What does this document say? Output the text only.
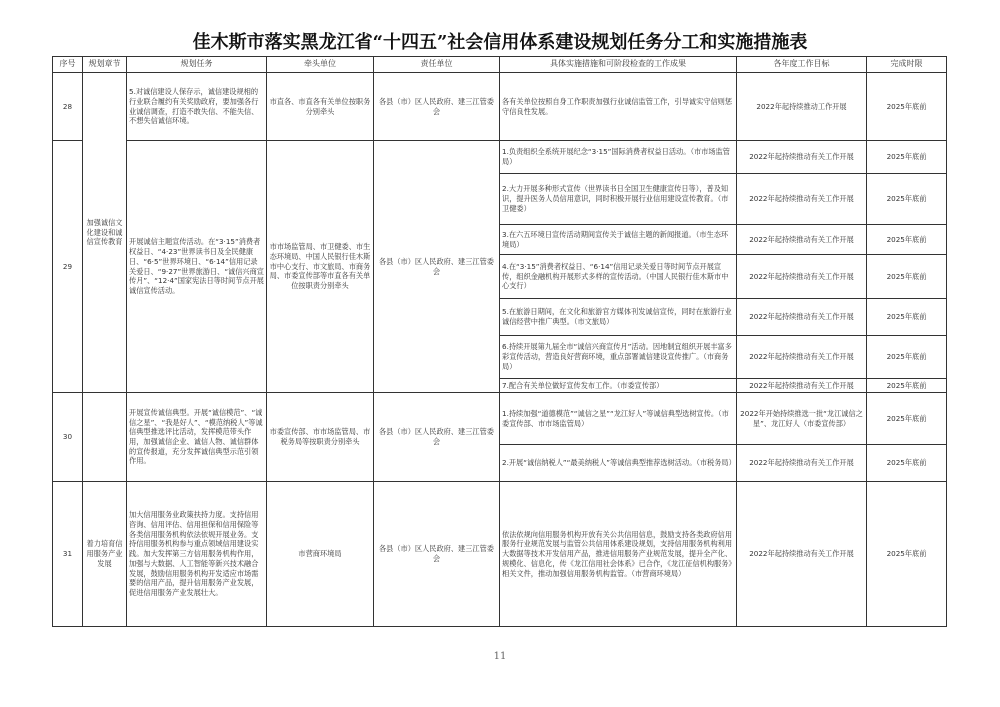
佳木斯市落实黑龙江省“十四五”社会信用体系建设规划任务分工和实施措施表
序号	规划章节	规划任务	牵头单位	责任单位	具体实施措施和可阶段检查的工作成果	各年度工作目标	完成时限
28	加强诚信文化建设和诚信宣传教育	5.对诚信建设人保存示，诚信建设规相的行业联合履约有关奖励政府，要加强各行业诚信调查，打造不敢失信、不能失信、不想失信诚信环境。	市直各、市直各有关单位按职务分别牵头	各县（市）区人民政府、建三江管委会	各有关单位按照自身工作职责加强行业诚信监管工作，引导诚实守信则惩守信良性发展。	2022年起持续推动工作开展	2025年底前
29		开展诚信主题宣传活动。在“3·15”消费者权益日、“4·23”世界读书日及全民健康日、“6·5”世界环境日、“6·14”信用记录关爱日、“9·27”世界旅游日、“诚信兴商宣传月”、“12·4”国家宪法日等时间节点开展诚信宣传活动。	市市场监管局、市卫健委、市生态环境局、中国人民银行佳木斯市中心支行、市文旅局、市商务局、市委宣传部等市直各有关单位按职责分别牵头	各县（市）区人民政府、建三江管委会	1.负责组织全系统开展纪念“3·15”国际消费者权益日活动。（市市场监管局）	2022年起持续推动有关工作开展	2025年底前
					2.大力开展多种形式宣传（世界读书日全国卫生健康宣传日等），普及知识，提升医务人员信用意识，同时积极开展行业信用建设宣传教育。（市卫健委）	2022年起持续推动有关工作开展	2025年底前
					3.在六五环境日宣传活动期间宣传关于诚信主题的新闻报道。（市生态环境局）	2022年起持续推动有关工作开展	2025年底前
					4.在“3·15”消费者权益日、“6·14”信用记录关爱日等时间节点开展宣传，组织金融机构开展形式多样的宣传活动。（中国人民银行佳木斯市中心支行）	2022年起持续推动有关工作开展	2025年底前
					5.在旅游日期间，在文化和旅游官方媒体刊发诚信宣传，同时在旅游行业诚信经营中推广典型。（市文旅局）	2022年起持续推动有关工作开展	2025年底前
					6.持续开展第九届全市“诚信兴商宣传月”活动。因地制宜组织开展丰富多彩宣传活动，营造良好营商环境，重点部署诚信建设宣传推广。（市商务局）	2022年起持续推动有关工作开展	2025年底前
					7.配合有关单位做好宣传发布工作。（市委宣传部）	2022年起持续推动有关工作开展	2025年底前
30		开展宣传诚信典型。开展“诚信模范”、“诚信之星”、“我是好人”、“模范纳税人”等诚信典型推选评比活动，发挥模范带头作用，加强诚信企业、诚信人物、诚信群体的宣传报道，充分发挥诚信典型示范引领作用。	市委宣传部、市市场监管局、市税务局等按职责分别牵头	各县（市）区人民政府、建三江管委会	1.持续加强“道德模范”“诚信之星”“龙江好人”等诚信典型选树宣传。（市委宣传部、市市场监管局）	2022年开始持续推选一批“龙江诚信之星”、龙江好人（市委宣传部）	2025年底前
					2.开展“诚信纳税人”“最美纳税人”等诚信典型推荐选树活动。（市税务局）	2022年起持续推动有关工作开展	2025年底前
31	着力培育信用服务产业发展	加大信用服务业政策扶持力度。支持信用咨询、信用评估、信用担保和信用保险等各类信用服务机构依法依规开展业务。支持信用服务机构参与重点领域信用建设实践。加大发挥第三方信用服务机构作用，加强与大数据、人工智能等新兴技术融合发展，鼓励信用服务机构开发适应市场需要的信用产品，提升信用服务产业发展，促进信用服务产业发展壮大。	市营商环境局	各县（市）区人民政府、建三江管委会	依法依规向信用服务机构开放有关公共信用信息，鼓励支持各类政府信用服务行业规范发展与监管公共信用体系建设规划，支持信用服务机构利用大数据等技术开发信用产品，推进信用服务产业规范发展，提升全产化、规模化、信息化，传《龙江信用社会体系》已合作，《龙江征信机构服务》相关文件，推动加强信用服务机构监管。（市营商环境局）	2022年起持续推动有关工作开展	2025年底前
11
